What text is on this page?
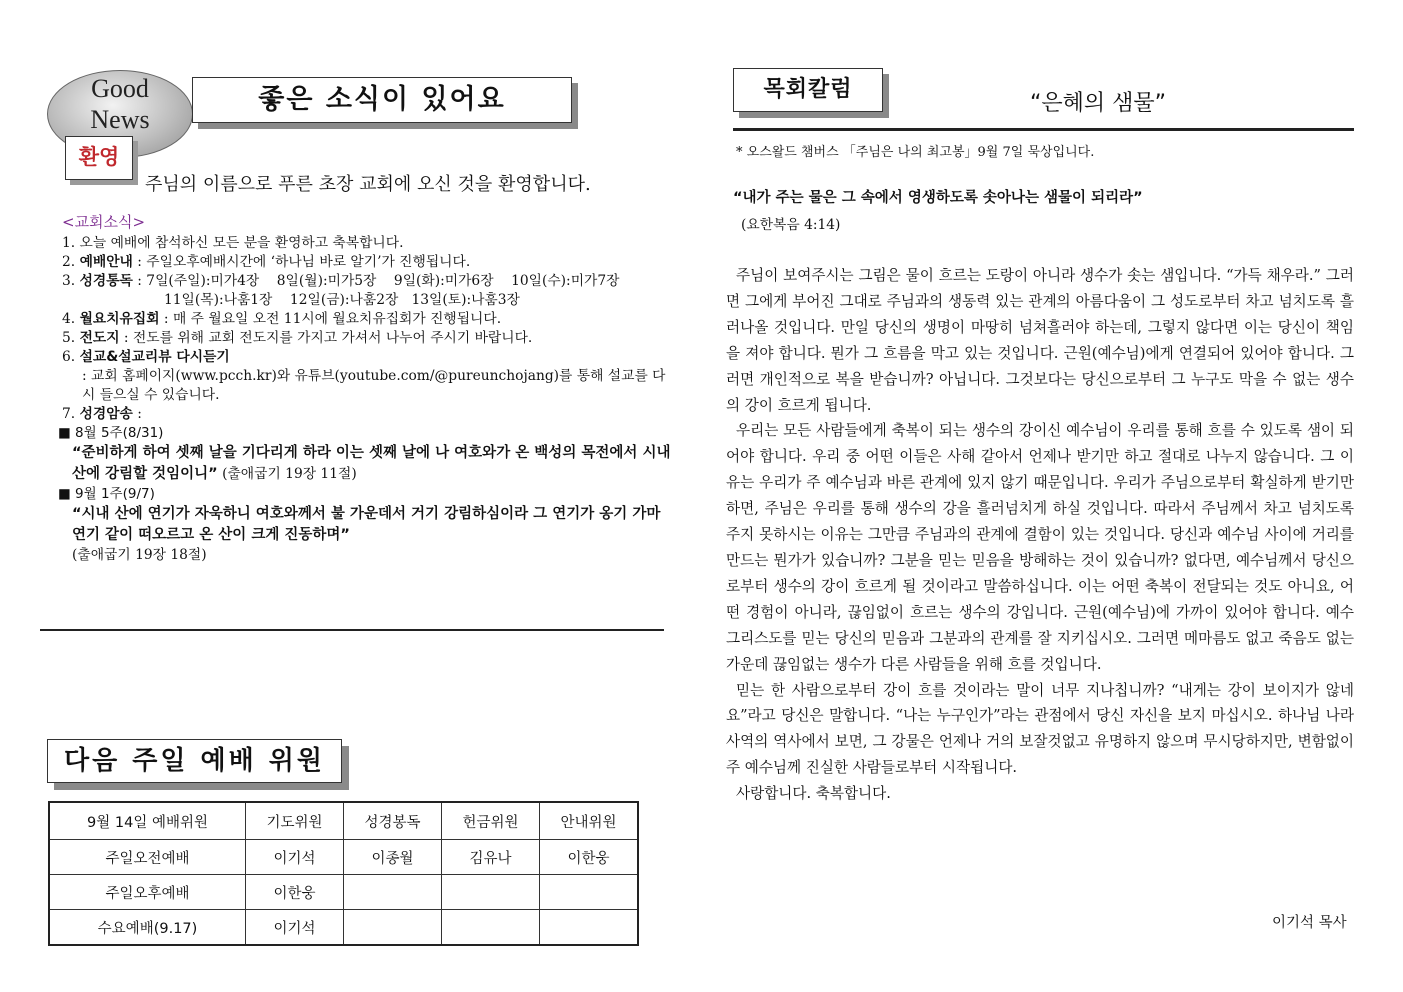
Good
News
좋은 소식이 있어요
환영
주님의 이름으로 푸른 초장 교회에 오신 것을 환영합니다.
<교회소식>
1. 오늘 예배에 참석하신 모든 분을 환영하고 축복합니다.
2. 예배안내 : 주일오후예배시간에 ‘하나님 바로 알기’가 진행됩니다.
3. 성경통독 : 7일(주일):미가4장    8일(월):미가5장    9일(화):미가6장    10일(수):미가7장
11일(목):나훔1장    12일(금):나훔2장   13일(토):나훔3장
4. 월요치유집회 : 매 주 월요일 오전 11시에 월요치유집회가 진행됩니다.
5. 전도지 : 전도를 위해 교회 전도지를 가지고 가셔서 나누어 주시기 바랍니다.
6. 설교&설교리뷰 다시듣기
: 교회 홈페이지(www.pcch.kr)와 유튜브(youtube.com/@pureunchojang)를 통해 설교를 다시 들으실 수 있습니다.
7. 성경암송 :
■ 8월 5주(8/31)
“준비하게 하여 셋째 날을 기다리게 하라 이는 셋째 날에 나 여호와가 온 백성의 목전에서 시내 산에 강림할 것임이니” (출애굽기 19장 11절)
■ 9월 1주(9/7)
“시내 산에 연기가 자욱하니 여호와께서 불 가운데서 거기 강림하심이라 그 연기가 옹기 가마 연기 같이 떠오르고 온 산이 크게 진동하며”
(출애굽기 19장 18절)
다음 주일 예배 위원
9월 14일 예배위원	기도위원	성경봉독	헌금위원	안내위원
주일오전예배	이기석	이종월	김유나	이한웅
주일오후예배	이한웅			
수요예배(9.17)	이기석			
목회칼럼
“은혜의 샘물”
* 오스왈드 챔버스 「주님은 나의 최고봉」9월 7일 묵상입니다.
“내가 주는 물은 그 속에서 영생하도록 솟아나는 샘물이 되리라”
(요한복음 4:14)

주님이 보여주시는 그림은 물이 흐르는 도랑이 아니라 생수가 솟는 샘입니다. “가득 채우라.” 그러면 그에게 부어진 그대로 주님과의 생동력 있는 관계의 아름다움이 그 성도로부터 차고 넘치도록 흘러나올 것입니다. 만일 당신의 생명이 마땅히 넘쳐흘러야 하는데, 그렇지 않다면 이는 당신이 책임을 져야 합니다. 뭔가 그 흐름을 막고 있는 것입니다. 근원(예수님)에게 연결되어 있어야 합니다. 그러면 개인적으로 복을 받습니까? 아닙니다. 그것보다는 당신으로부터 그 누구도 막을 수 없는 생수의 강이 흐르게 됩니다.

우리는 모든 사람들에게 축복이 되는 생수의 강이신 예수님이 우리를 통해 흐를 수 있도록 샘이 되어야 합니다. 우리 중 어떤 이들은 사해 같아서 언제나 받기만 하고 절대로 나누지 않습니다. 그 이유는 우리가 주 예수님과 바른 관계에 있지 않기 때문입니다. 우리가 주님으로부터 확실하게 받기만 하면, 주님은 우리를 통해 생수의 강을 흘러넘치게 하실 것입니다. 따라서 주님께서 차고 넘치도록 주지 못하시는 이유는 그만큼 주님과의 관계에 결함이 있는 것입니다. 당신과 예수님 사이에 거리를 만드는 뭔가가 있습니까? 그분을 믿는 믿음을 방해하는 것이 있습니까? 없다면, 예수님께서 당신으로부터 생수의 강이 흐르게 될 것이라고 말씀하십니다. 이는 어떤 축복이 전달되는 것도 아니요, 어떤 경험이 아니라, 끊임없이 흐르는 생수의 강입니다. 근원(예수님)에 가까이 있어야 합니다. 예수 그리스도를 믿는 당신의 믿음과 그분과의 관계를 잘 지키십시오. 그러면 메마름도 없고 죽음도 없는 가운데 끊임없는 생수가 다른 사람들을 위해 흐를 것입니다.

믿는 한 사람으로부터 강이 흐를 것이라는 말이 너무 지나칩니까? “내게는 강이 보이지가 않네요”라고 당신은 말합니다. “나는 누구인가”라는 관점에서 당신 자신을 보지 마십시오. 하나님 나라 사역의 역사에서 보면, 그 강물은 언제나 거의 보잘것없고 유명하지 않으며 무시당하지만, 변함없이 주 예수님께 진실한 사람들로부터 시작됩니다.

사랑합니다. 축복합니다.

이기석 목사
